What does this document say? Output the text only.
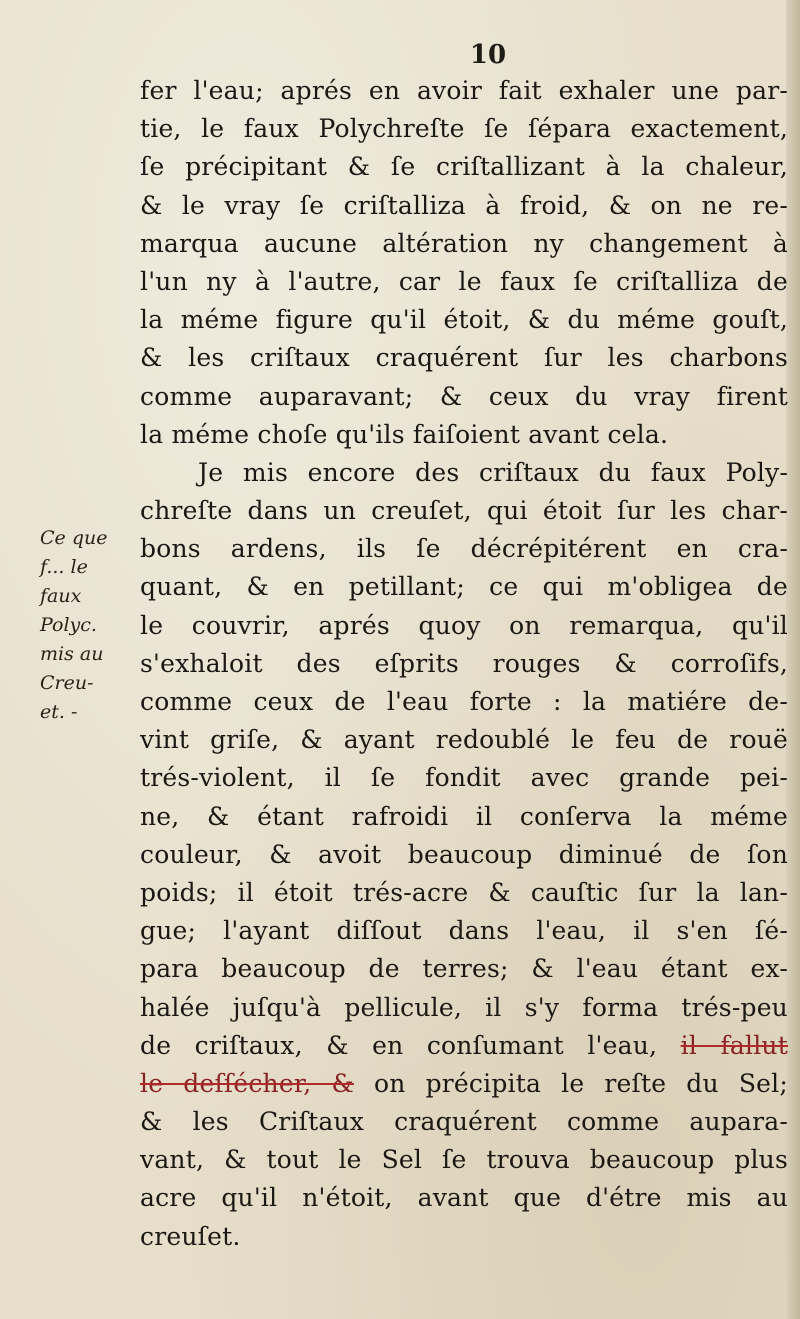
10
Ce que
f... le
faux
Polyc.
mis au
Creu-
et. -
fer l'eau; aprés en avoir fait exhaler une par-
tie, le faux Polychreſte ſe ſépara exactement,
ſe précipitant & ſe criſtallizant à la chaleur,
& le vray ſe criſtalliza à froid, & on ne re-
marqua aucune altération ny changement à
l'un ny à l'autre, car le faux ſe criſtalliza de
la méme figure qu'il étoit, & du méme gouſt,
& les criſtaux craquérent ſur les charbons
comme auparavant; & ceux du vray firent
la méme choſe qu'ils faiſoient avant cela.
Je mis encore des criſtaux du faux Poly-
chreſte dans un creuſet, qui étoit ſur les char-
bons ardens, ils ſe décrépitérent en cra-
quant, & en petillant; ce qui m'obligea de
le couvrir, aprés quoy on remarqua, qu'il
s'exhaloit des eſprits rouges & corroſifs,
comme ceux de l'eau forte : la matiére de-
vint griſe, & ayant redoublé le feu de rouë
trés-violent, il ſe fondit avec grande pei-
ne, & étant rafroidi il conſerva la méme
couleur, & avoit beaucoup diminué de ſon
poids; il étoit trés-acre & cauſtic ſur la lan-
gue; l'ayant diſſout dans l'eau, il s'en ſé-
para beaucoup de terres; & l'eau étant ex-
halée juſqu'à pellicule, il s'y forma trés-peu
de criſtaux, & en conſumant l'eau, il fallut
le deſſécher, & on précipita le reſte du Sel;
& les Criſtaux craquérent comme aupara-
vant, & tout le Sel ſe trouva beaucoup plus
acre qu'il n'étoit, avant que d'étre mis au
creuſet.
